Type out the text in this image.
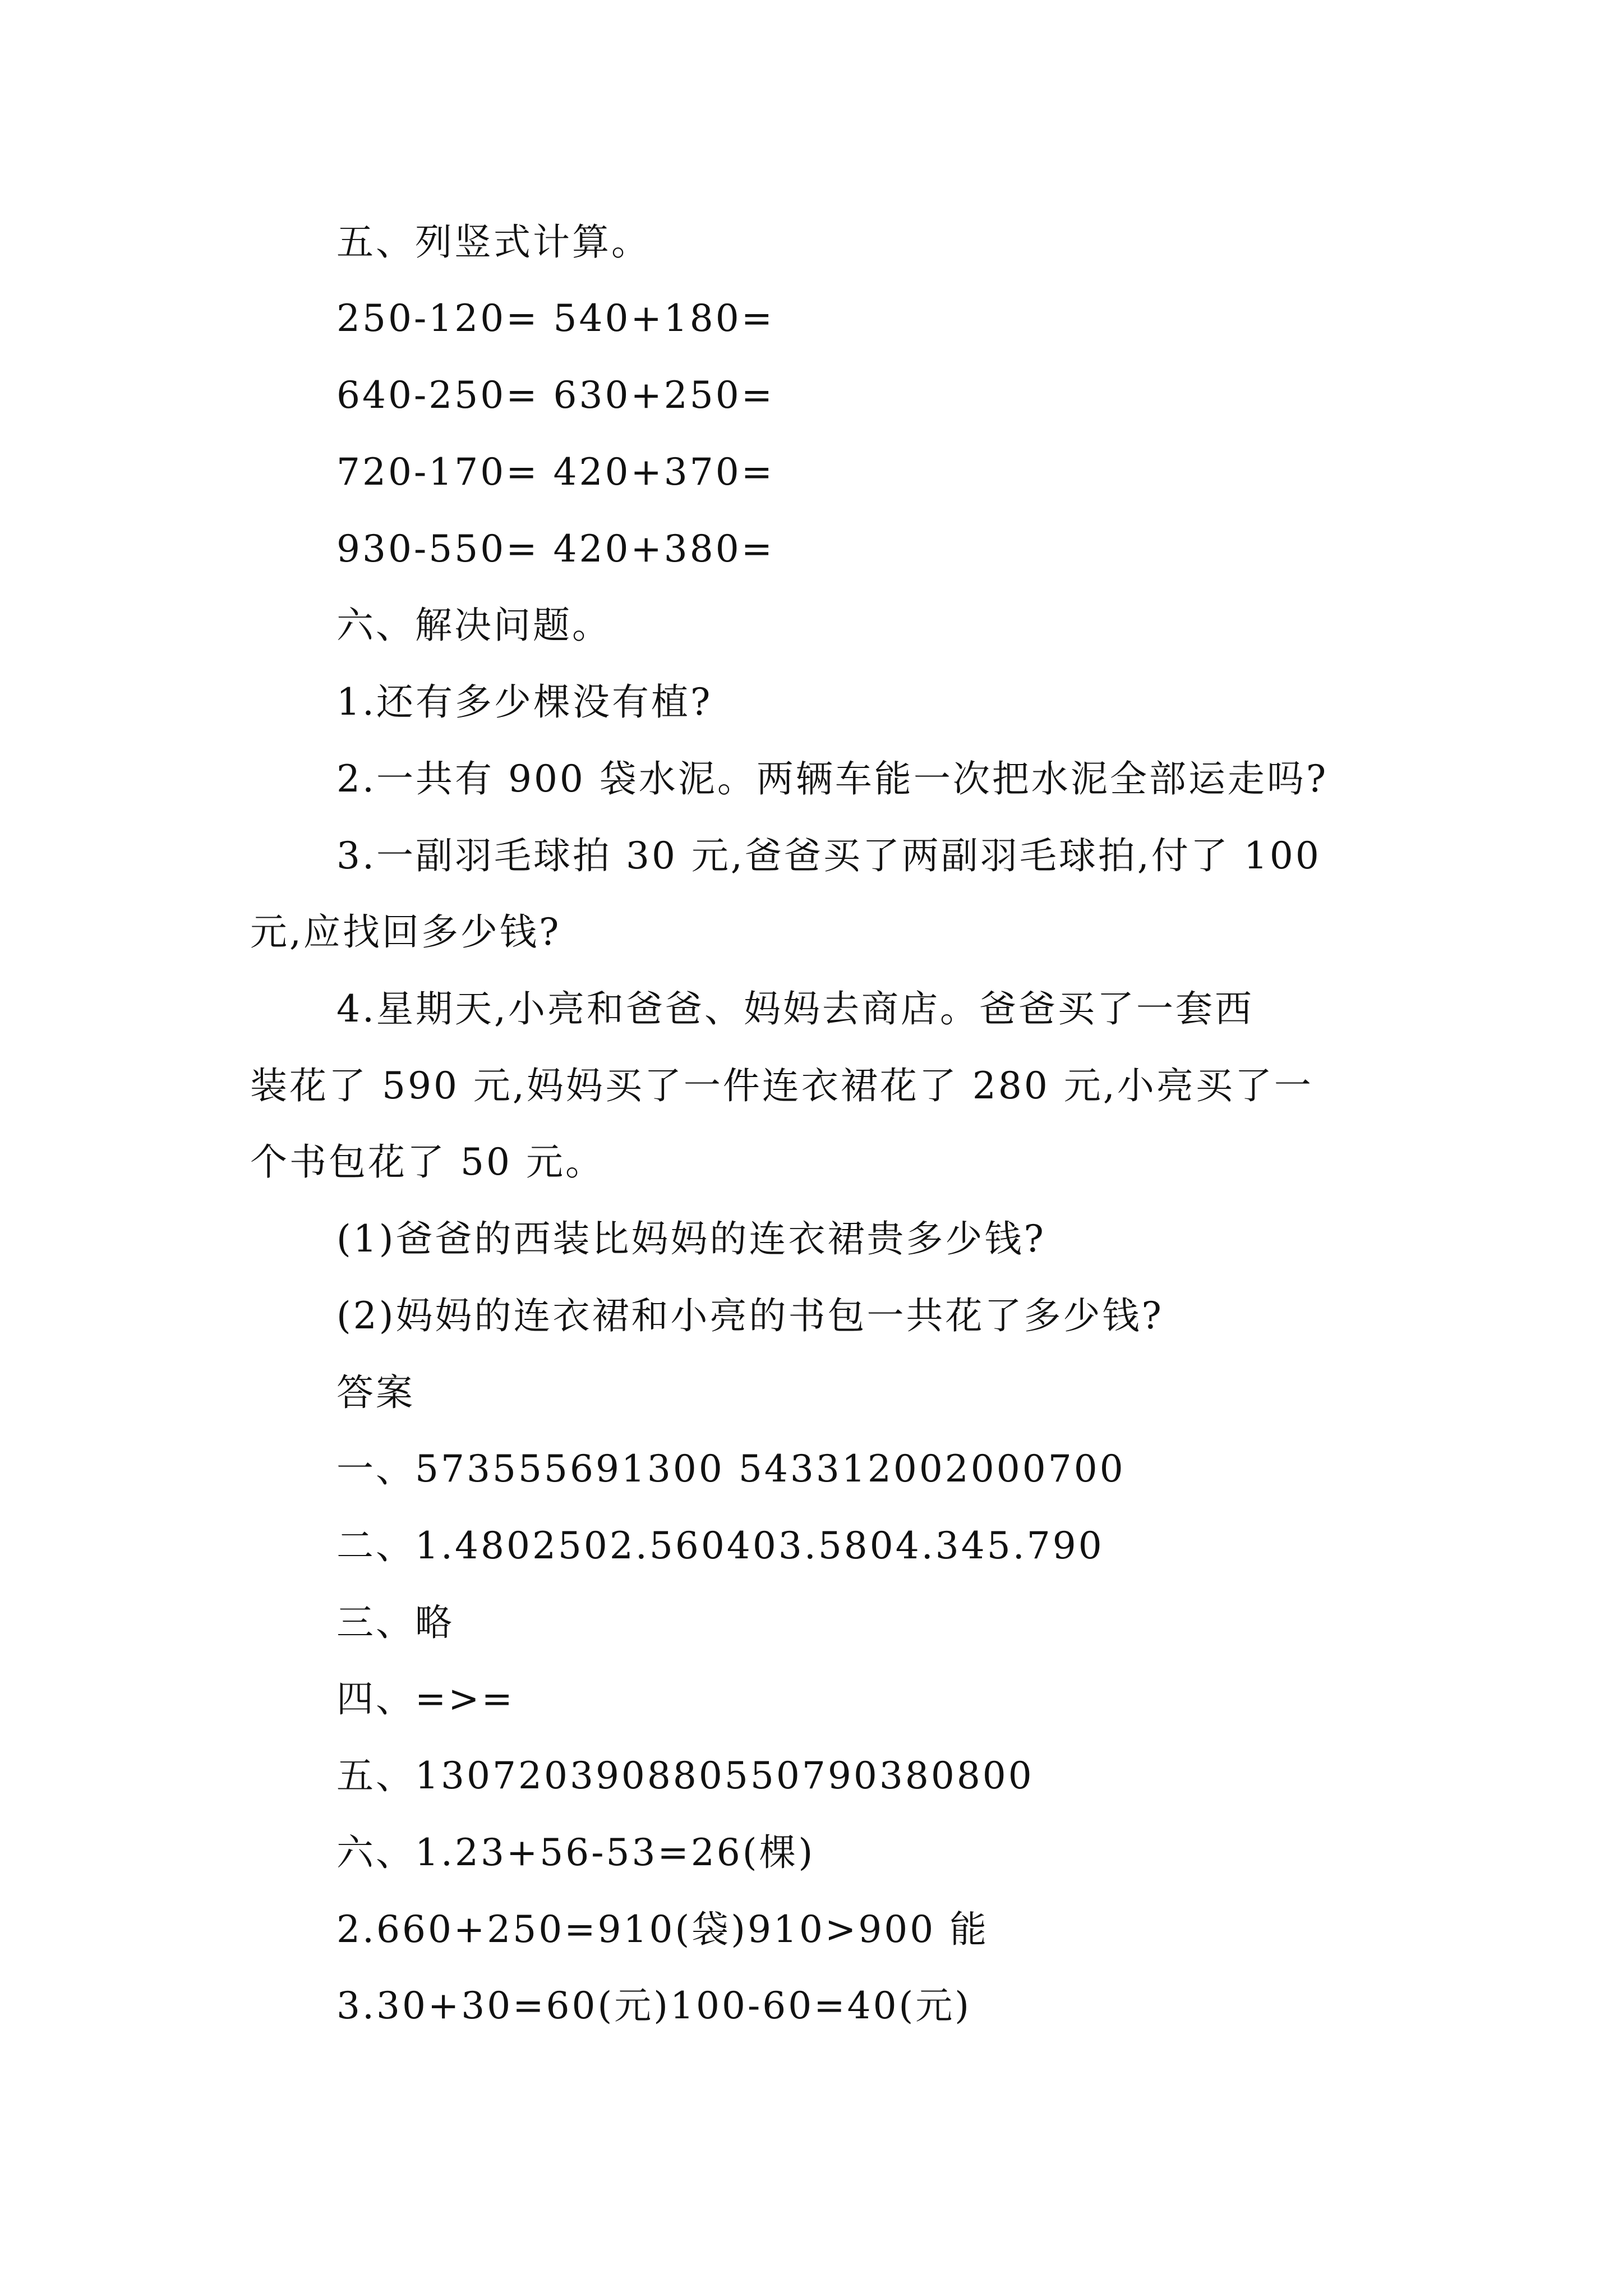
五、列竖式计算。
250-120= 540+180=
640-250= 630+250=
720-170= 420+370=
930-550= 420+380=
六、解决问题。
1.还有多少棵没有植?
2.一共有 900 袋水泥。两辆车能一次把水泥全部运走吗?
3.一副羽毛球拍 30 元,爸爸买了两副羽毛球拍,付了 100
元,应找回多少钱?
4.星期天,小亮和爸爸、妈妈去商店。爸爸买了一套西
装花了 590 元,妈妈买了一件连衣裙花了 280 元,小亮买了一
个书包花了 50 元。
(1)爸爸的西装比妈妈的连衣裙贵多少钱?
(2)妈妈的连衣裙和小亮的书包一共花了多少钱?
答案
一、573555691300 543312002000700
二、1.4802502.560403.5804.345.790
三、略
四、=>=
五、13072039088055079038080​0
六、1.23+56-53=26(棵)
2.660+250=910(袋)910>900 能
3.30+30=60(元)100-60=40(元)
